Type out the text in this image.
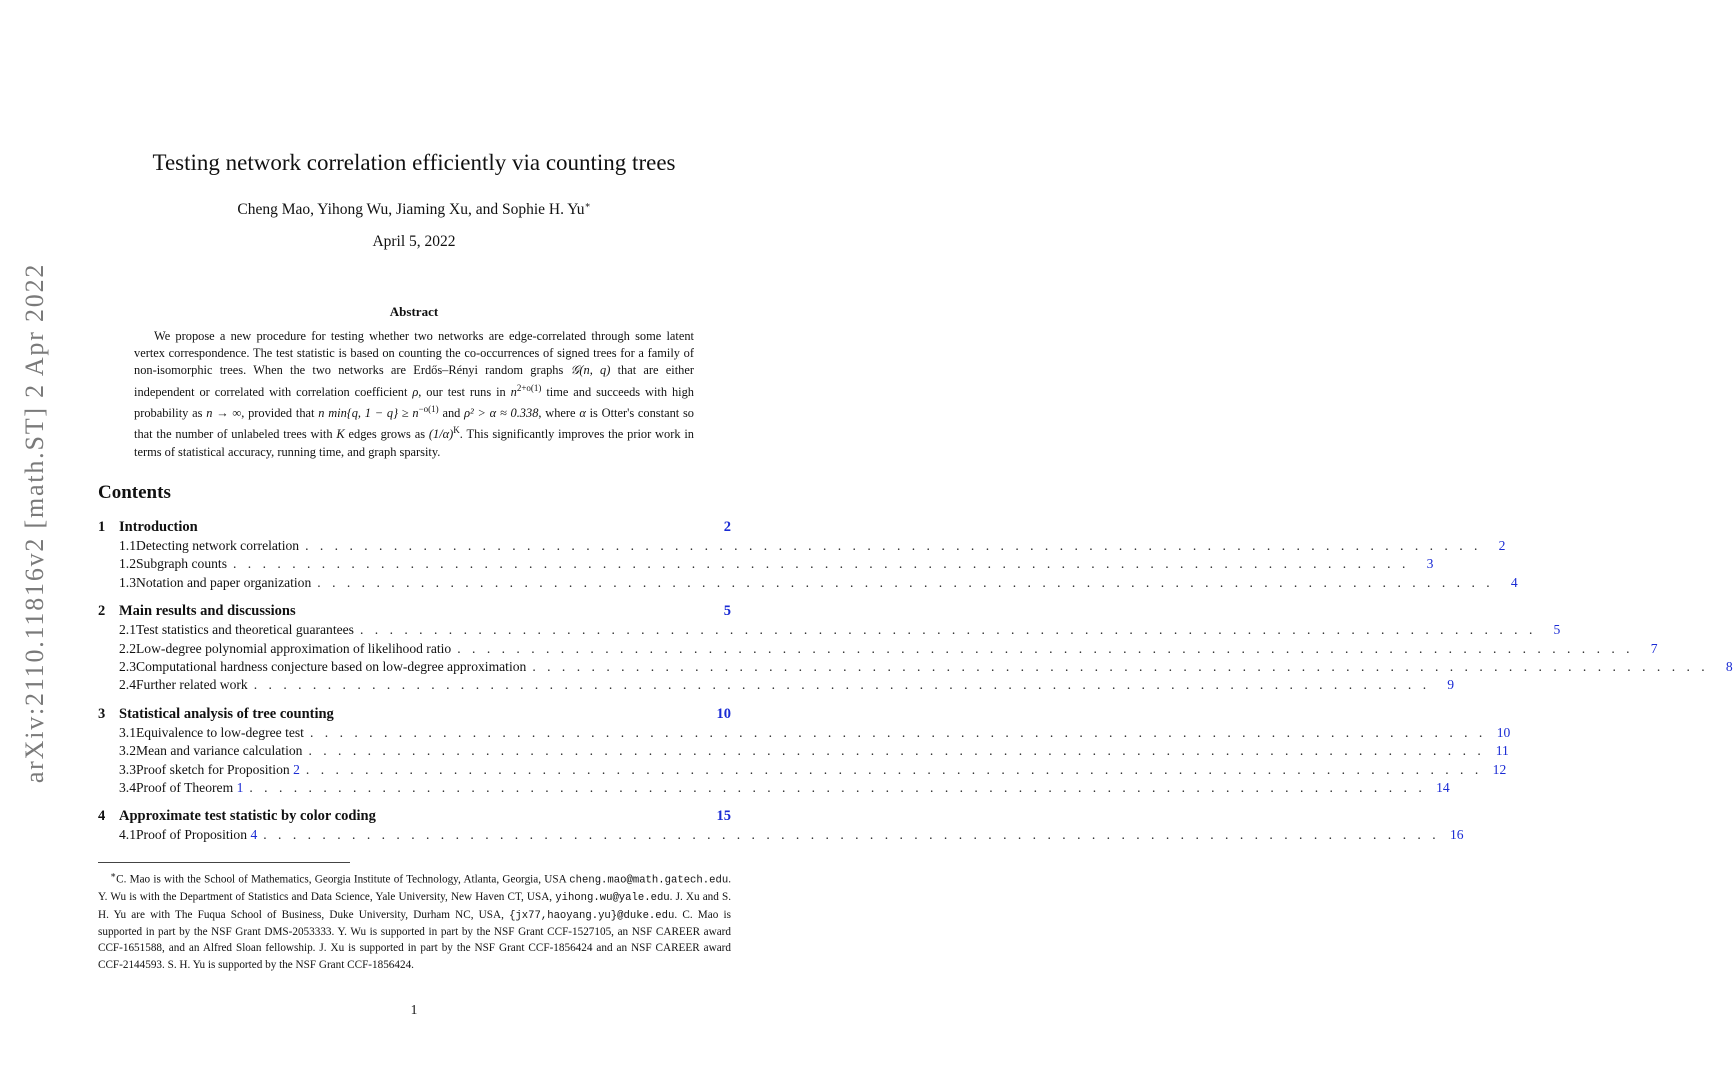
arXiv:2110.11816v2 [math.ST] 2 Apr 2022
Testing network correlation efficiently via counting trees
Cheng Mao, Yihong Wu, Jiaming Xu, and Sophie H. Yu∗
April 5, 2022
Abstract

We propose a new procedure for testing whether two networks are edge-correlated through some latent vertex correspondence. The test statistic is based on counting the co-occurrences of signed trees for a family of non-isomorphic trees. When the two networks are Erdős–Rényi random graphs 𝒢(n, q) that are either independent or correlated with correlation coefficient ρ, our test runs in $n^{2+o(1)}$ time and succeeds with high probability as n → ∞, provided that n min{q, $1 - q\} \ge n^{-o(1)}$ and ρ² > α ≈ 0.338, where α is Otter's constant so that the number of unlabeled trees with K edges grows as $(1/\alpha)^K$. This significantly improves the prior work in terms of statistical accuracy, running time, and graph sparsity.

Contents
1 Introduction	2
1.1 Detecting network correlation . . . . . . . . . . . . . . . . . . . . . . . . . . . . . . . . . . . . . . . . . . . . . . . . . . . . . . . . . . . . . . . . . . . . . . . . . . . . . . . .	2
1.2 Subgraph counts . . . . . . . . . . . . . . . . . . . . . . . . . . . . . . . . . . . . . . . . . . . . . . . . . . . . . . . . . . . . . . . . . . . . . . . . . . . . . . . .	3
1.3 Notation and paper organization . . . . . . . . . . . . . . . . . . . . . . . . . . . . . . . . . . . . . . . . . . . . . . . . . . . . . . . . . . . . . . . . . . . . . . . . . . . . . . . .	4
2 Main results and discussions	5
2.1 Test statistics and theoretical guarantees . . . . . . . . . . . . . . . . . . . . . . . . . . . . . . . . . . . . . . . . . . . . . . . . . . . . . . . . . . . . . . . . . . . . . . . . . . . . . . . .	5
2.2 Low-degree polynomial approximation of likelihood ratio . . . . . . . . . . . . . . . . . . . . . . . . . . . . . . . . . . . . . . . . . . . . . . . . . . . . . . . . . . . . . . . . . . . . . . . . . . . . . . . .	7
2.3 Computational hardness conjecture based on low-degree approximation . . . . . . . . . . . . . . . . . . . . . . . . . . . . . . . . . . . . . . . . . . . . . . . . . . . . . . . . . . . . . . . . . . . . . . . . . . . . . . . .	8
2.4 Further related work . . . . . . . . . . . . . . . . . . . . . . . . . . . . . . . . . . . . . . . . . . . . . . . . . . . . . . . . . . . . . . . . . . . . . . . . . . . . . . . .	9
3 Statistical analysis of tree counting	10
3.1 Equivalence to low-degree test . . . . . . . . . . . . . . . . . . . . . . . . . . . . . . . . . . . . . . . . . . . . . . . . . . . . . . . . . . . . . . . . . . . . . . . . . . . . . . . . 10
3.2 Mean and variance calculation . . . . . . . . . . . . . . . . . . . . . . . . . . . . . . . . . . . . . . . . . . . . . . . . . . . . . . . . . . . . . . . . . . . . . . . . . . . . . . . . 11
3.3 Proof sketch for Proposition 2 . . . . . . . . . . . . . . . . . . . . . . . . . . . . . . . . . . . . . . . . . . . . . . . . . . . . . . . . . . . . . . . . . . . . . . . . . . . . . . . . 12
3.4 Proof of Theorem 1 . . . . . . . . . . . . . . . . . . . . . . . . . . . . . . . . . . . . . . . . . . . . . . . . . . . . . . . . . . . . . . . . . . . . . . . . . . . . . . . . 14
4 Approximate test statistic by color coding	15
4.1 Proof of Proposition 4 . . . . . . . . . . . . . . . . . . . . . . . . . . . . . . . . . . . . . . . . . . . . . . . . . . . . . . . . . . . . . . . . . . . . . . . . . . . . . . . . 16

∗C. Mao is with the School of Mathematics, Georgia Institute of Technology, Atlanta, Georgia, USA cheng.mao@math.gatech.edu. Y. Wu is with the Department of Statistics and Data Science, Yale University, New Haven CT, USA, yihong.wu@yale.edu. J. Xu and S. H. Yu are with The Fuqua School of Business, Duke University, Durham NC, USA, {jx77,haoyang.yu}@duke.edu. C. Mao is supported in part by the NSF Grant DMS-2053333. Y. Wu is supported in part by the NSF Grant CCF-1527105, an NSF CAREER award CCF-1651588, and an Alfred Sloan fellowship. J. Xu is supported in part by the NSF Grant CCF-1856424 and an NSF CAREER award CCF-2144593. S. H. Yu is supported by the NSF Grant CCF-1856424.

1
